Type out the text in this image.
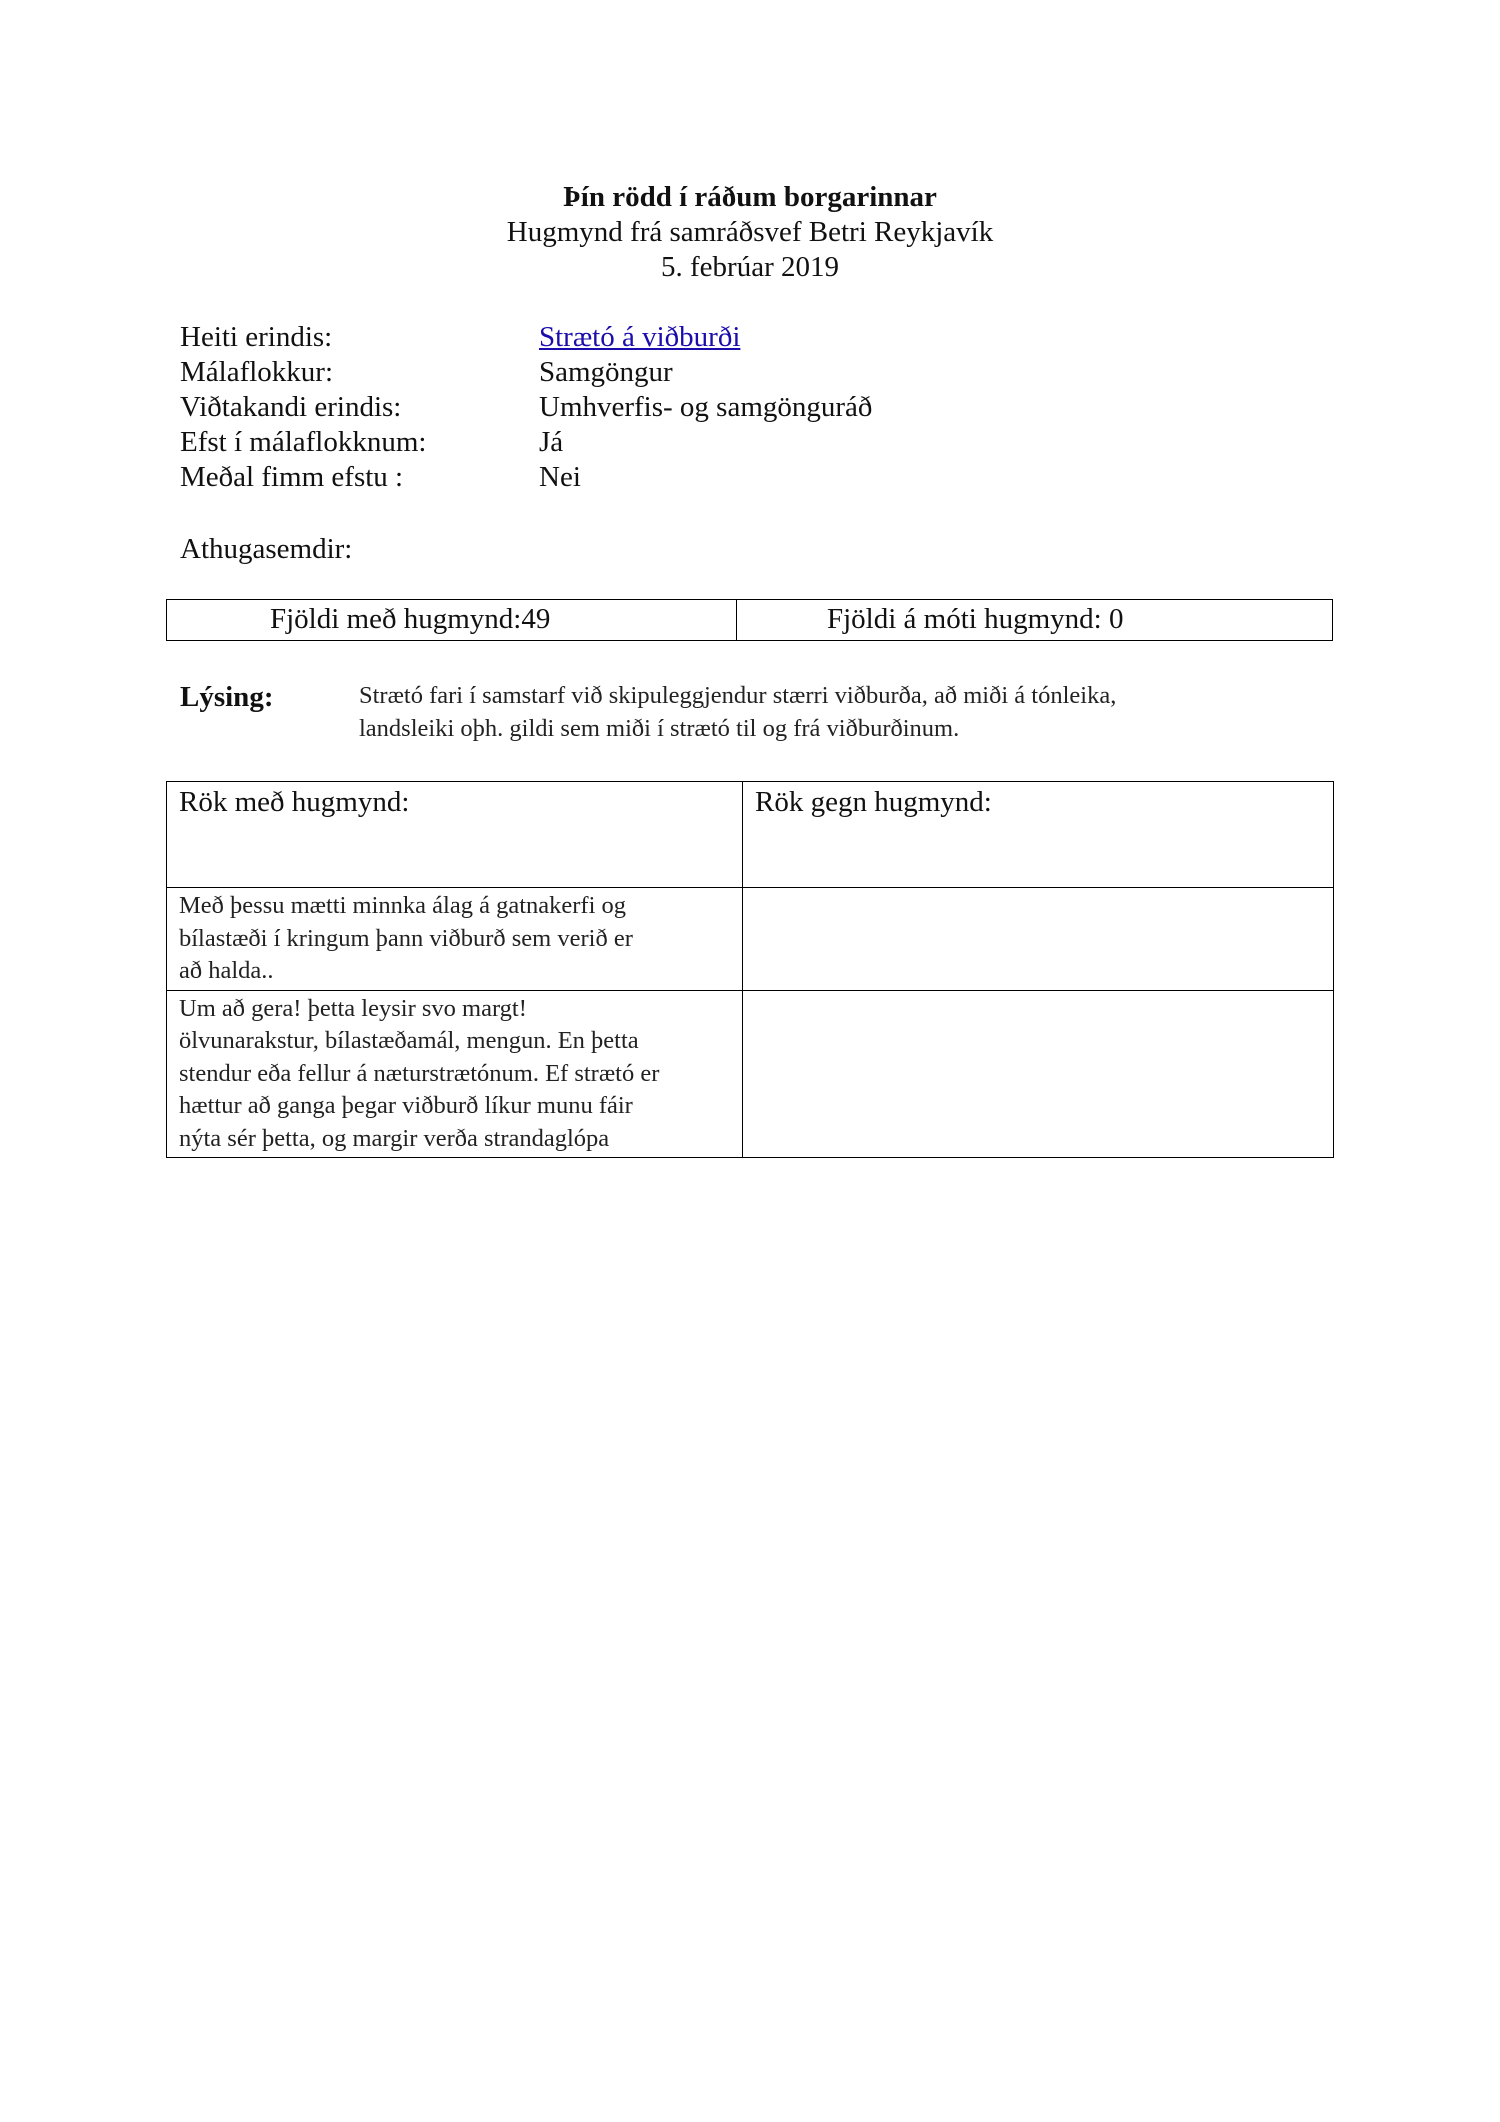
Þín rödd í ráðum borgarinnar
Hugmynd frá samráðsvef Betri Reykjavík
5. febrúar 2019
Heiti erindis:	Strætó á viðburði
Málaflokkur:	Samgöngur
Viðtakandi erindis:	Umhverfis- og samgönguráð
Efst í málaflokknum:	Já
Meðal fimm efstu :	Nei
Athugasemdir:
Fjöldi með hugmynd:49	Fjöldi á móti hugmynd: 0
Lýsing:	Strætó fari í samstarf við skipuleggjendur stærri viðburða, að miði á tónleika,
landsleiki oþh. gildi sem miði í strætó til og frá viðburðinum.
Rök með hugmynd:	Rök gegn hugmynd:

Með þessu mætti minnka álag á gatnakerfi og
bílastæði í kringum þann viðburð sem verið er
að halda..	

Um að gera! þetta leysir svo margt!
ölvunarakstur, bílastæðamál, mengun. En þetta
stendur eða fellur á næturstrætónum. Ef strætó er
hættur að ganga þegar viðburð líkur munu fáir
nýta sér þetta, og margir verða strandaglópa	
